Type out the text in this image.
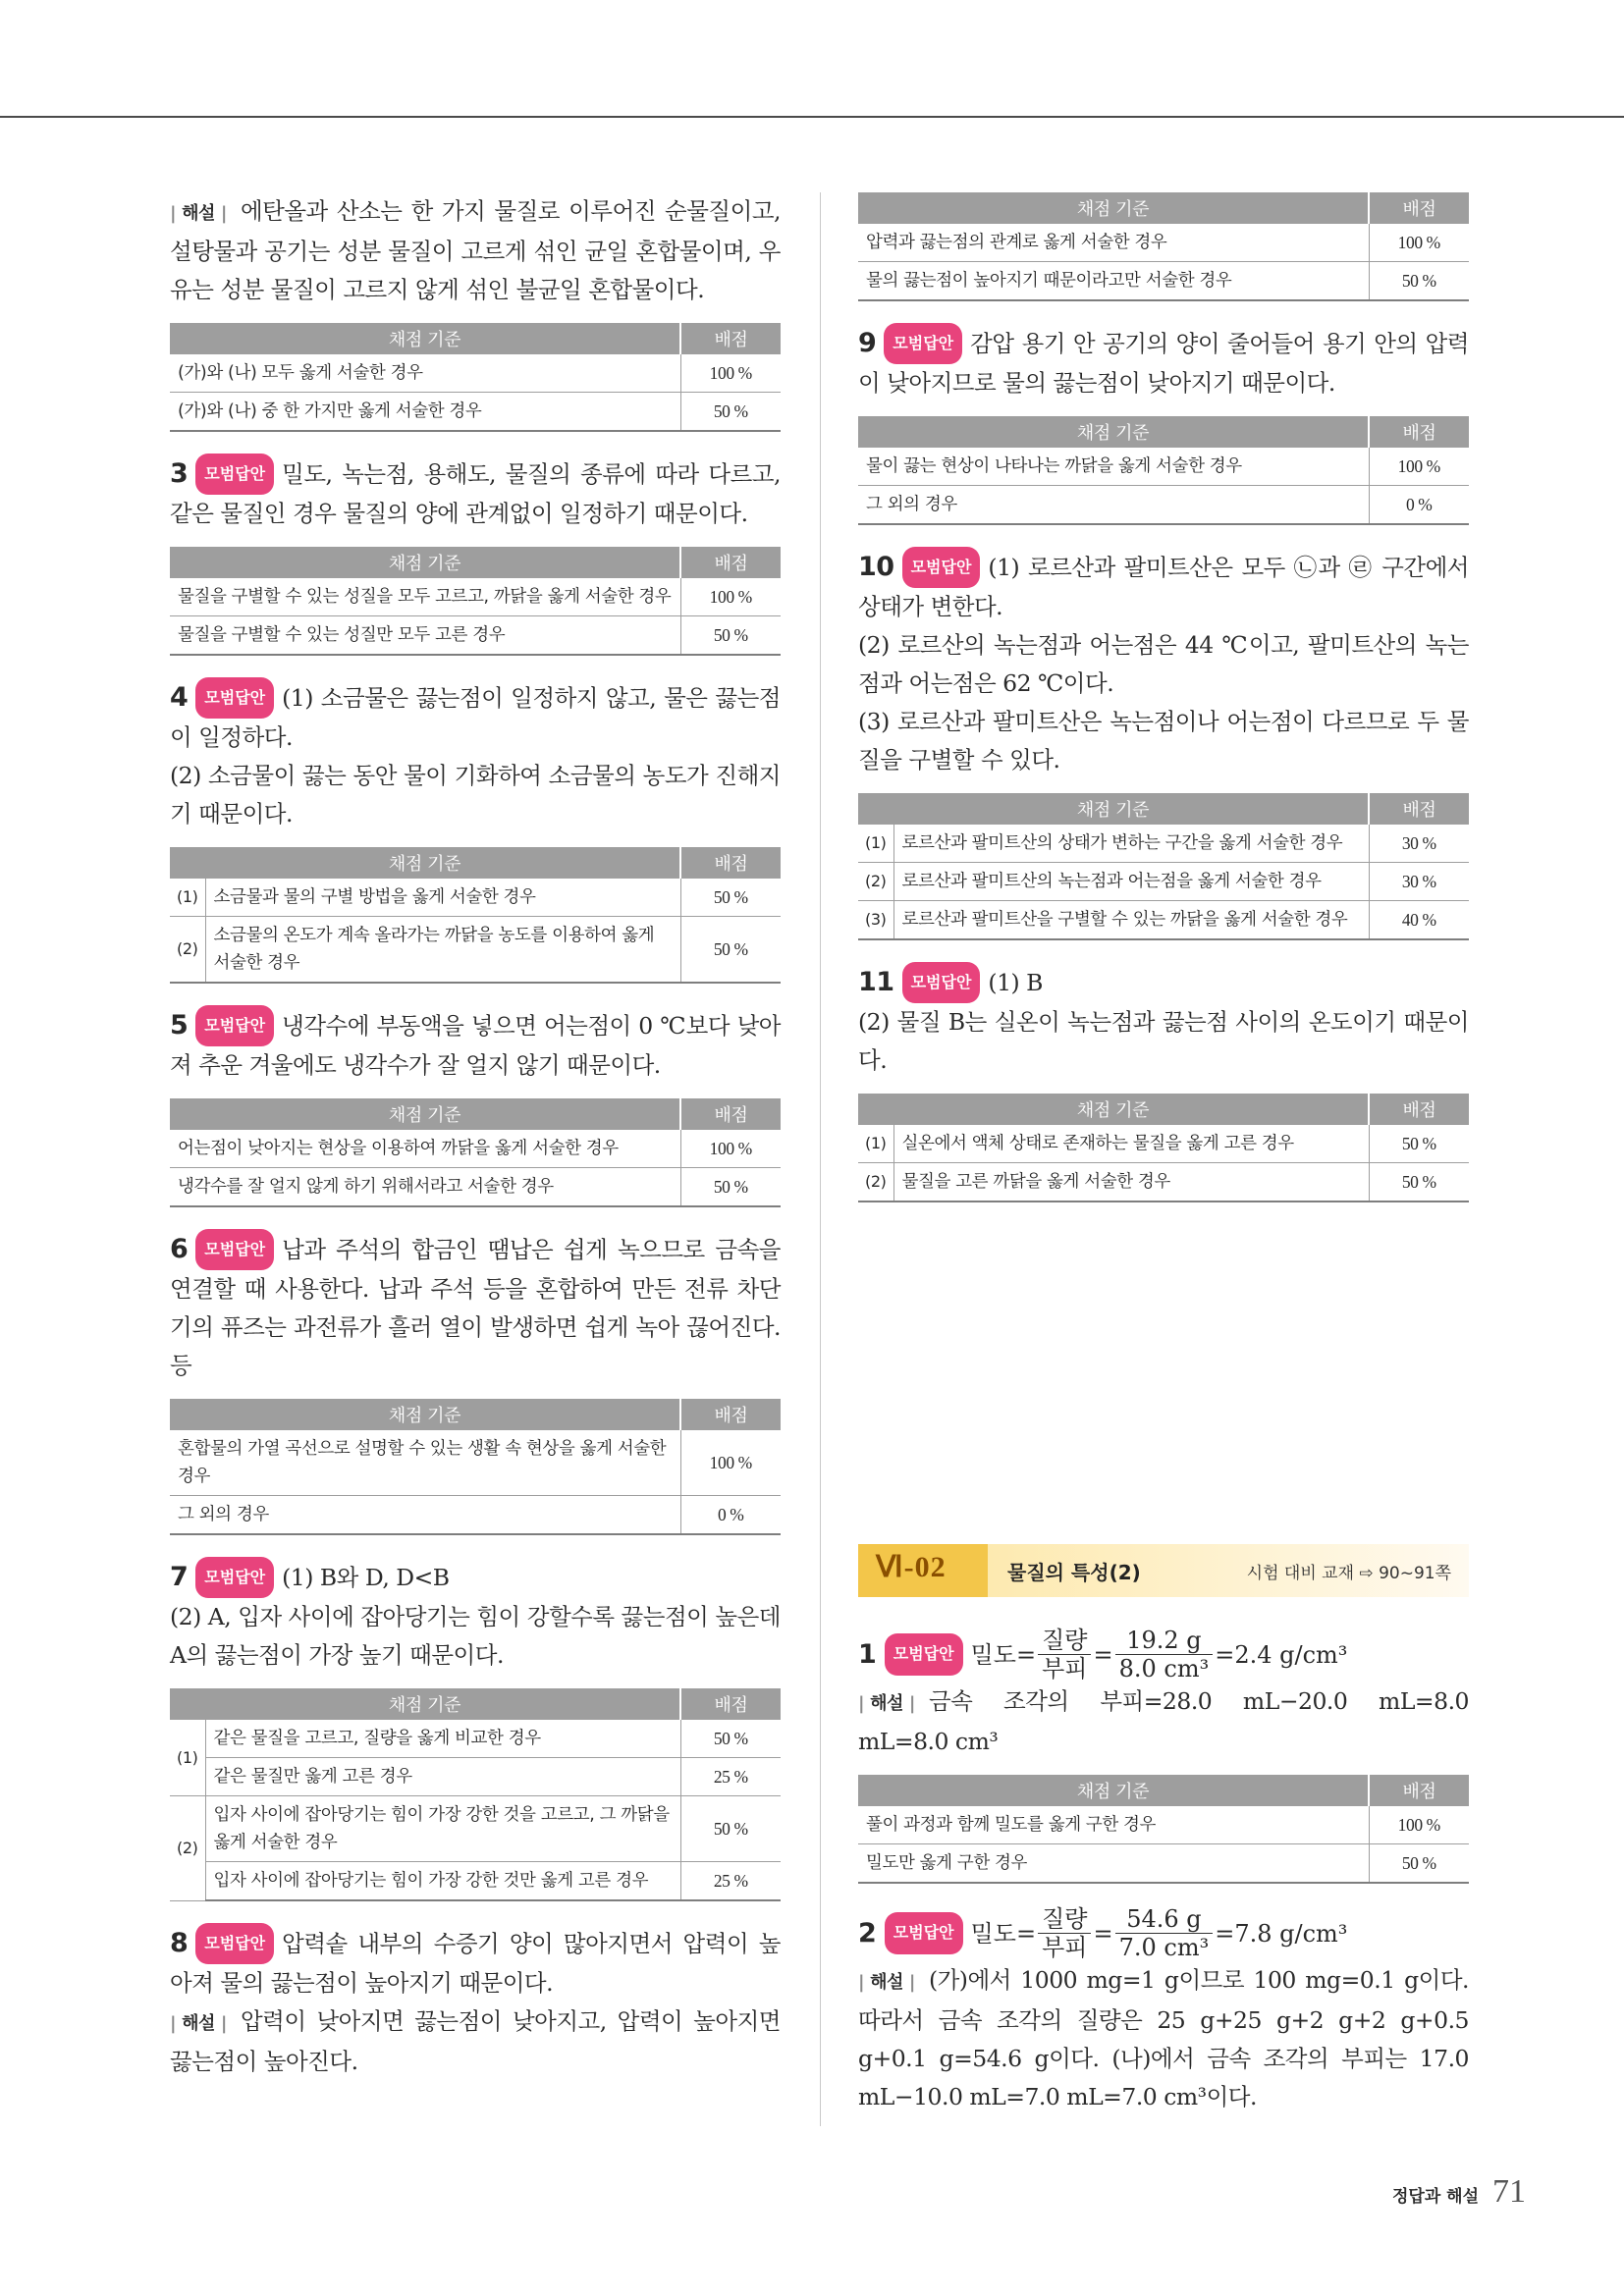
| 해설 | 에탄올과 산소는 한 가지 물질로 이루어진 순물질이고, 설탕물과 공기는 성분 물질이 고르게 섞인 균일 혼합물이며, 우유는 성분 물질이 고르지 않게 섞인 불균일 혼합물이다.
채점 기준	배점
(가)와 (나) 모두 옳게 서술한 경우	100 %
(가)와 (나) 중 한 가지만 옳게 서술한 경우	50 %
3 모범답안 밀도, 녹는점, 용해도, 물질의 종류에 따라 다르고, 같은 물질인 경우 물질의 양에 관계없이 일정하기 때문이다.
채점 기준	배점
물질을 구별할 수 있는 성질을 모두 고르고, 까닭을 옳게 서술한 경우	100 %
물질을 구별할 수 있는 성질만 모두 고른 경우	50 %
4 모범답안 (1) 소금물은 끓는점이 일정하지 않고, 물은 끓는점이 일정하다.
(2) 소금물이 끓는 동안 물이 기화하여 소금물의 농도가 진해지기 때문이다.
채점 기준		배점
(1)	소금물과 물의 구별 방법을 옳게 서술한 경우	50 %
(2)	소금물의 온도가 계속 올라가는 까닭을 농도를 이용하여 옳게 서술한 경우	50 %
5 모범답안 냉각수에 부동액을 넣으면 어는점이 0 ℃보다 낮아져 추운 겨울에도 냉각수가 잘 얼지 않기 때문이다.
채점 기준	배점
어는점이 낮아지는 현상을 이용하여 까닭을 옳게 서술한 경우	100 %
냉각수를 잘 얼지 않게 하기 위해서라고 서술한 경우	50 %
6 모범답안 납과 주석의 합금인 땜납은 쉽게 녹으므로 금속을 연결할 때 사용한다. 납과 주석 등을 혼합하여 만든 전류 차단기의 퓨즈는 과전류가 흘러 열이 발생하면 쉽게 녹아 끊어진다. 등
채점 기준	배점
혼합물의 가열 곡선으로 설명할 수 있는 생활 속 현상을 옳게 서술한 경우	100 %
그 외의 경우	0 %
7 모범답안 (1) B와 D, D<B
(2) A, 입자 사이에 잡아당기는 힘이 강할수록 끓는점이 높은데 A의 끓는점이 가장 높기 때문이다.
채점 기준		배점
(1)	같은 물질을 고르고, 질량을 옳게 비교한 경우	50 %
	같은 물질만 옳게 고른 경우	25 %
(2)	입자 사이에 잡아당기는 힘이 가장 강한 것을 고르고, 그 까닭을 옳게 서술한 경우	50 %
	입자 사이에 잡아당기는 힘이 가장 강한 것만 옳게 고른 경우	25 %
8 모범답안 압력솥 내부의 수증기 양이 많아지면서 압력이 높아져 물의 끓는점이 높아지기 때문이다.
| 해설 | 압력이 낮아지면 끓는점이 낮아지고, 압력이 높아지면 끓는점이 높아진다.
채점 기준	배점
압력과 끓는점의 관계로 옳게 서술한 경우	100 %
물의 끓는점이 높아지기 때문이라고만 서술한 경우	50 %
9 모범답안 감압 용기 안 공기의 양이 줄어들어 용기 안의 압력이 낮아지므로 물의 끓는점이 낮아지기 때문이다.
채점 기준	배점
물이 끓는 현상이 나타나는 까닭을 옳게 서술한 경우	100 %
그 외의 경우	0 %
10 모범답안 (1) 로르산과 팔미트산은 모두 ㉡과 ㉣ 구간에서 상태가 변한다.
(2) 로르산의 녹는점과 어는점은 44 ℃이고, 팔미트산의 녹는점과 어는점은 62 ℃이다.
(3) 로르산과 팔미트산은 녹는점이나 어는점이 다르므로 두 물질을 구별할 수 있다.
채점 기준		배점
(1)	로르산과 팔미트산의 상태가 변하는 구간을 옳게 서술한 경우	30 %
(2)	로르산과 팔미트산의 녹는점과 어는점을 옳게 서술한 경우	30 %
(3)	로르산과 팔미트산을 구별할 수 있는 까닭을 옳게 서술한 경우	40 %
11 모범답안 (1) B
(2) 물질 B는 실온이 녹는점과 끓는점 사이의 온도이기 때문이다.
채점 기준		배점
(1)	실온에서 액체 상태로 존재하는 물질을 옳게 고른 경우	50 %
(2)	물질을 고른 까닭을 옳게 서술한 경우	50 %
Ⅵ-02	물질의 특성(2)	시험 대비 교재 ⇨ 90~91쪽
1	모범답안 밀도= $\frac{\text{질량}}{\text{부피}} = \frac{19.2 g}{\text{8.0 cm³}} =2.4$ g/cm³
| 해설 | 금속 조각의 부피=28.0 mL−20.0 mL=8.0 mL=8.0 cm³
채점 기준	배점
풀이 과정과 함께 밀도를 옳게 구한 경우	100 %
밀도만 옳게 구한 경우	50 %
2	모범답안 밀도= $\frac{\text{질량}}{\text{부피}} = \frac{54.6 g}{\text{7.0 cm³}} =7.8$ g/cm³
| 해설 | (가)에서 1000 mg=1 g이므로 100 mg=0.1 g이다. 따라서 금속 조각의 질량은 25 g+25 g+2 g+2 g+0.5 g+0.1 g=54.6 g이다. (나)에서 금속 조각의 부피는 17.0 mL−10.0 mL=7.0 mL=7.0 cm³이다.
정답과 해설 71
